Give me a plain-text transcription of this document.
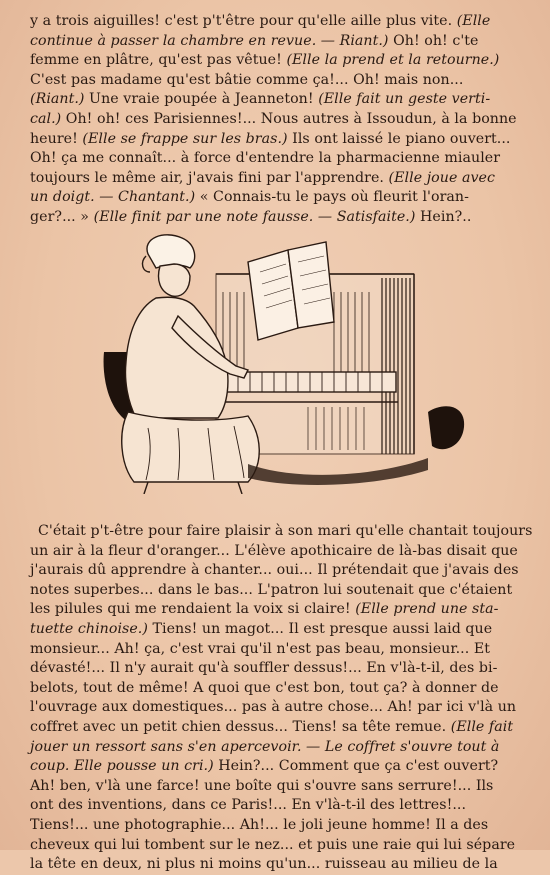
y a trois aiguilles! c'est p't'être pour qu'elle aille plus vite. (Elle
continue à passer la chambre en revue. — Riant.) Oh! oh! c'te
femme en plâtre, qu'est pas vêtue! (Elle la prend et la retourne.)
C'est pas madame qu'est bâtie comme ça!... Oh! mais non...
(Riant.) Une vraie poupée à Jeanneton! (Elle fait un geste verti-
cal.) Oh! oh! ces Parisiennes!... Nous autres à Issoudun, à la bonne
heure! (Elle se frappe sur les bras.) Ils ont laissé le piano ouvert...
Oh! ça me connaît... à force d'entendre la pharmacienne miauler
toujours le même air, j'avais fini par l'apprendre. (Elle joue avec
un doigt. — Chantant.) « Connais-tu le pays où fleurit l'oran-
ger?... » (Elle finit par une note fausse. — Satisfaite.) Hein?..
C'était p't-être pour faire plaisir à son mari qu'elle chantait toujours
un air à la fleur d'oranger... L'élève apothicaire de là-bas disait que
j'aurais dû apprendre à chanter... oui... Il prétendait que j'avais des
notes superbes... dans le bas... L'patron lui soutenait que c'étaient
les pilules qui me rendaient la voix si claire! (Elle prend une sta-
tuette chinoise.) Tiens! un magot... Il est presque aussi laid que
monsieur... Ah! ça, c'est vrai qu'il n'est pas beau, monsieur... Et
dévasté!... Il n'y aurait qu'à souffler dessus!... En v'là-t-il, des bi-
belots, tout de même! A quoi que c'est bon, tout ça? à donner de
l'ouvrage aux domestiques... pas à autre chose... Ah! par ici v'là un
coffret avec un petit chien dessus... Tiens! sa tête remue. (Elle fait
jouer un ressort sans s'en apercevoir. — Le coffret s'ouvre tout à
coup. Elle pousse un cri.) Hein?... Comment que ça c'est ouvert?
Ah! ben, v'là une farce! une boîte qui s'ouvre sans serrure!... Ils
ont des inventions, dans ce Paris!... En v'là-t-il des lettres!...
Tiens!... une photographie... Ah!... le joli jeune homme! Il a des
cheveux qui lui tombent sur le nez... et puis une raie qui lui sépare
la tête en deux, ni plus ni moins qu'un... ruisseau au milieu de la
